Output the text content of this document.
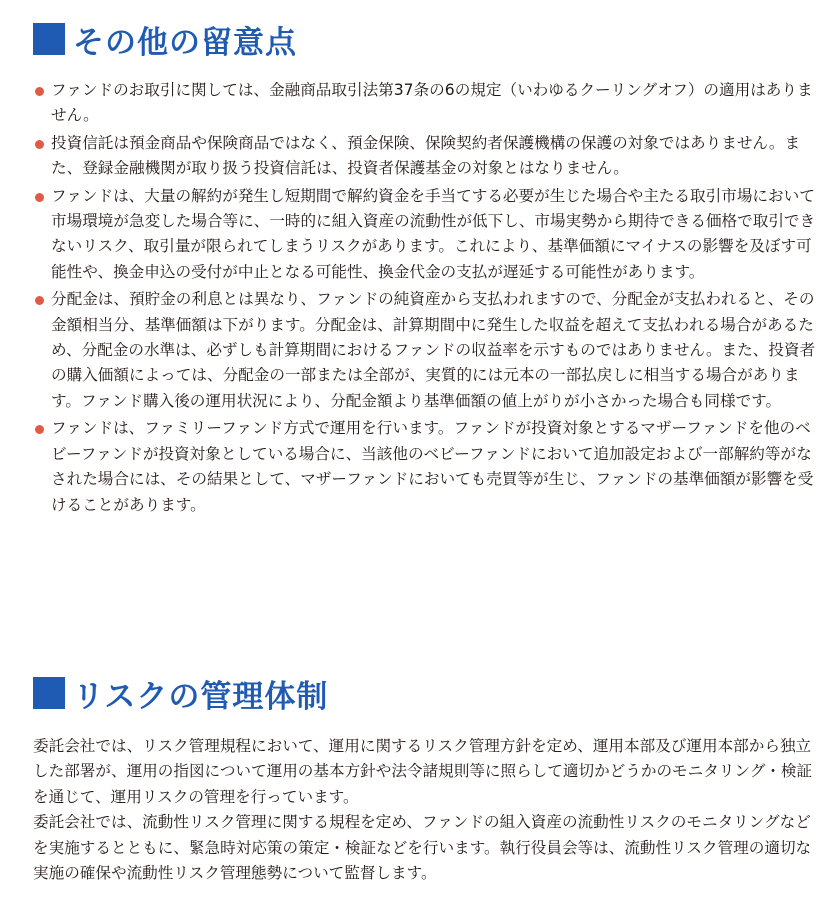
その他の留意点
ファンドのお取引に関しては、金融商品取引法第37条の6の規定（いわゆるクーリングオフ）の適用はありません。
投資信託は預金商品や保険商品ではなく、預金保険、保険契約者保護機構の保護の対象ではありません。また、登録金融機関が取り扱う投資信託は、投資者保護基金の対象とはなりません。
ファンドは、大量の解約が発生し短期間で解約資金を手当てする必要が生じた場合や主たる取引市場において市場環境が急変した場合等に、一時的に組入資産の流動性が低下し、市場実勢から期待できる価格で取引できないリスク、取引量が限られてしまうリスクがあります。これにより、基準価額にマイナスの影響を及ぼす可能性や、換金申込の受付が中止となる可能性、換金代金の支払が遅延する可能性があります。
分配金は、預貯金の利息とは異なり、ファンドの純資産から支払われますので、分配金が支払われると、その金額相当分、基準価額は下がります。分配金は、計算期間中に発生した収益を超えて支払われる場合があるため、分配金の水準は、必ずしも計算期間におけるファンドの収益率を示すものではありません。また、投資者の購入価額によっては、分配金の一部または全部が、実質的には元本の一部払戻しに相当する場合があります。ファンド購入後の運用状況により、分配金額より基準価額の値上がりが小さかった場合も同様です。
ファンドは、ファミリーファンド方式で運用を行います。ファンドが投資対象とするマザーファンドを他のベビーファンドが投資対象としている場合に、当該他のベビーファンドにおいて追加設定および一部解約等がなされた場合には、その結果として、マザーファンドにおいても売買等が生じ、ファンドの基準価額が影響を受けることがあります。
リスクの管理体制

委託会社では、リスク管理規程において、運用に関するリスク管理方針を定め、運用本部及び運用本部から独立した部署が、運用の指図について運用の基本方針や法令諸規則等に照らして適切かどうかのモニタリング・検証を通じて、運用リスクの管理を行っています。

委託会社では、流動性リスク管理に関する規程を定め、ファンドの組入資産の流動性リスクのモニタリングなどを実施するとともに、緊急時対応策の策定・検証などを行います。執行役員会等は、流動性リスク管理の適切な実施の確保や流動性リスク管理態勢について監督します。
